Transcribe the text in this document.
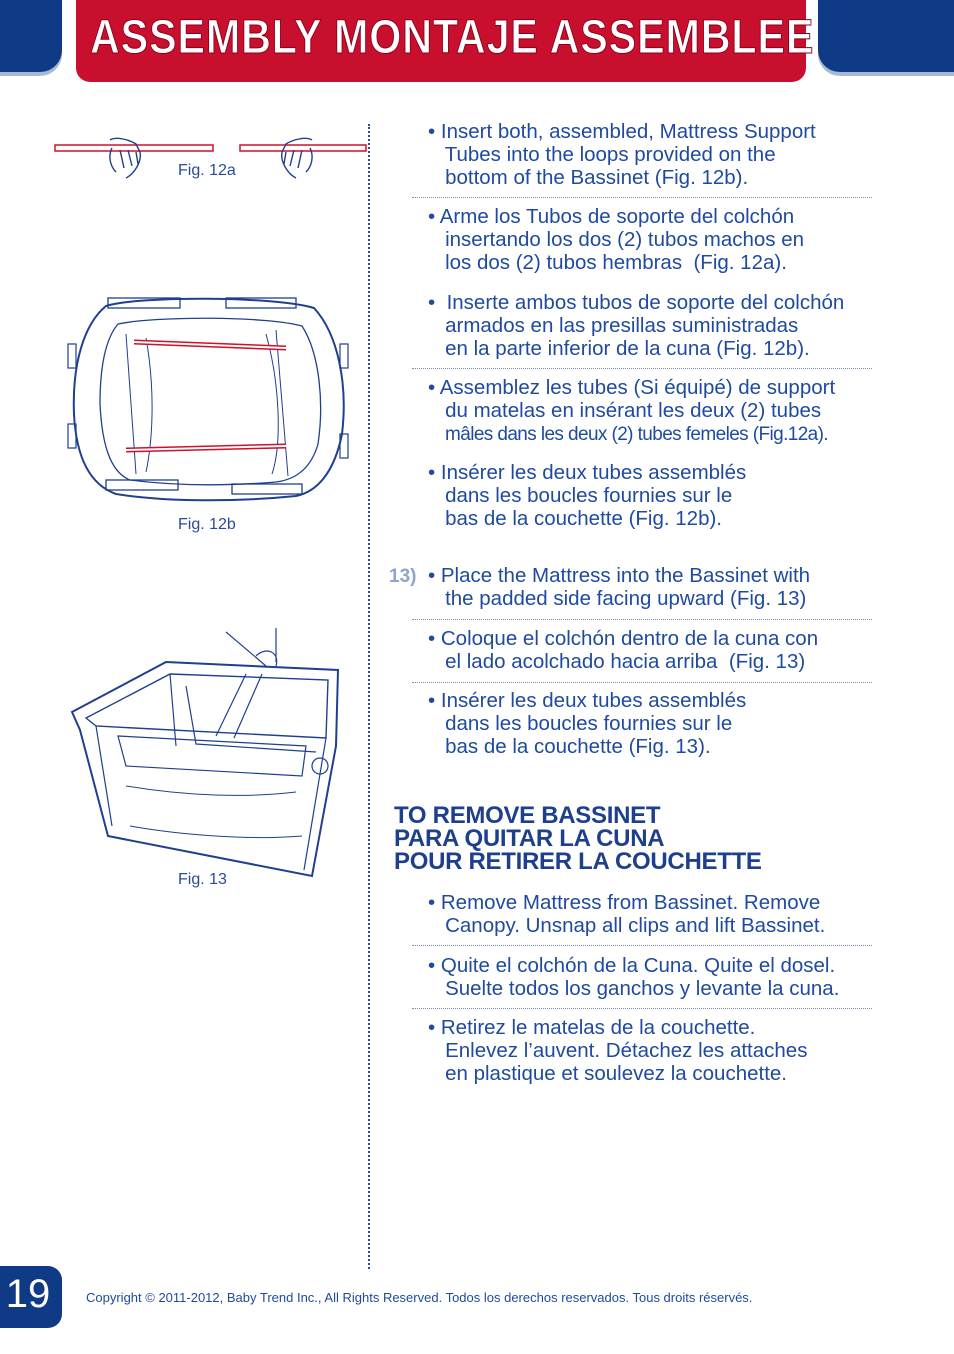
ASSEMBLY MONTAJE ASSEMBLEE
Fig. 12a
Fig. 12b
Fig. 13

• Insert both, assembled, Mattress Support
Tubes into the loops provided on the
bottom of the Bassinet (Fig. 12b).

• Arme los Tubos de soporte del colchón
insertando los dos (2) tubos machos en
los dos (2) tubos hembras  (Fig. 12a).

•  Inserte ambos tubos de soporte del colchón
armados en las presillas suministradas
en la parte inferior de la cuna (Fig. 12b).

• Assemblez les tubes (Si équipé) de support
du matelas en insérant les deux (2) tubes

mâles dans les deux (2) tubes femeles (Fig.12a).

• Insérer les deux tubes assemblés
dans les boucles fournies sur le
bas de la couchette (Fig. 12b).

13) • Place the Mattress into the Bassinet with
the padded side facing upward (Fig. 13)

• Coloque el colchón dentro de la cuna con
el lado acolchado hacia arriba  (Fig. 13)

• Insérer les deux tubes assemblés
dans les boucles fournies sur le
bas de la couchette (Fig. 13).

TO REMOVE BASSINET
PARA QUITAR LA CUNA
POUR RETIRER LA COUCHETTE

• Remove Mattress from Bassinet. Remove
Canopy. Unsnap all clips and lift Bassinet.

• Quite el colchón de la Cuna. Quite el dosel.
Suelte todos los ganchos y levante la cuna.

• Retirez le matelas de la couchette.
Enlevez l’auvent. Détachez les attaches
en plastique et soulevez la couchette.

19	Copyright © 2011-2012, Baby Trend Inc., All Rights Reserved. Todos los derechos reservados. Tous droits réservés.
